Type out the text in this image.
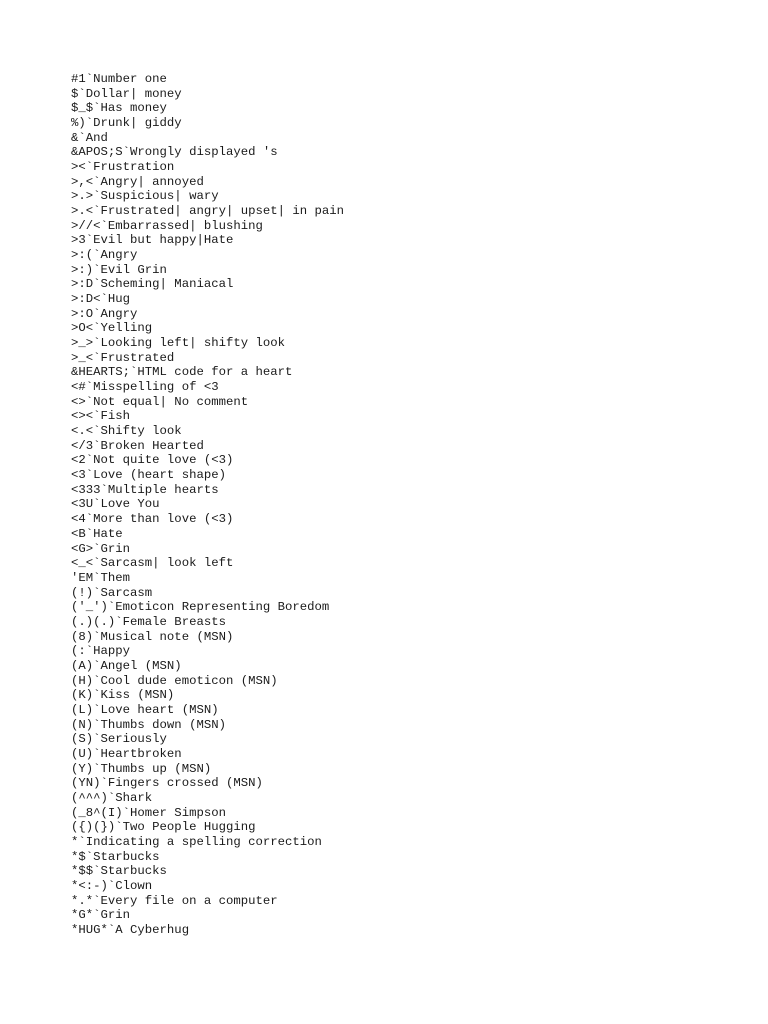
#1`Number one
$`Dollar| money
$_$`Has money
%)`Drunk| giddy
&`And
&APOS;S`Wrongly displayed 's
><`Frustration
>,<`Angry| annoyed
>.>`Suspicious| wary
>.<`Frustrated| angry| upset| in pain
>//<`Embarrassed| blushing
>3`Evil but happy|Hate
>:(`Angry
>:)`Evil Grin
>:D`Scheming| Maniacal
>:D<`Hug
>:O`Angry
>O<`Yelling
>_>`Looking left| shifty look
>_<`Frustrated
&HEARTS;`HTML code for a heart
<#`Misspelling of <3
<>`Not equal| No comment
<><`Fish
<.<`Shifty look
</3`Broken Hearted
<2`Not quite love (<3)
<3`Love (heart shape)
<333`Multiple hearts
<3U`Love You
<4`More than love (<3)
<B`Hate
<G>`Grin
<_<`Sarcasm| look left
'EM`Them
(!)`Sarcasm
('_')`Emoticon Representing Boredom
(.)(.)`Female Breasts
(8)`Musical note (MSN)
(:`Happy
(A)`Angel (MSN)
(H)`Cool dude emoticon (MSN)
(K)`Kiss (MSN)
(L)`Love heart (MSN)
(N)`Thumbs down (MSN)
(S)`Seriously
(U)`Heartbroken
(Y)`Thumbs up (MSN)
(YN)`Fingers crossed (MSN)
(^^^)`Shark
(_8^(I)`Homer Simpson
({)(})`Two People Hugging
*`Indicating a spelling correction
*$`Starbucks
*$$`Starbucks
*<:-)`Clown
*.*`Every file on a computer
*G*`Grin
*HUG*`A Cyberhug
